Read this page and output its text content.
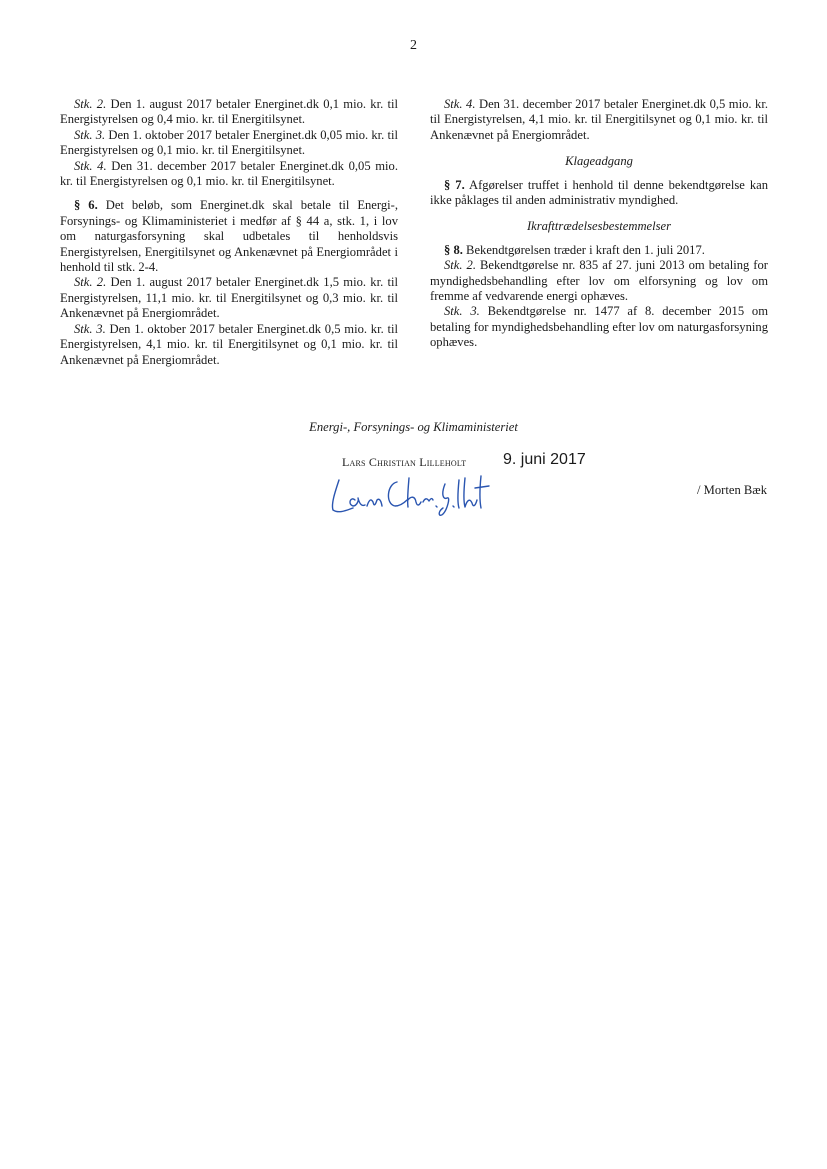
2

Stk. 2. Den 1. august 2017 betaler Energinet.dk 0,1 mio. kr. til Energistyrelsen og 0,4 mio. kr. til Energitilsynet.

Stk. 3. Den 1. oktober 2017 betaler Energinet.dk 0,05 mio. kr. til Energistyrelsen og 0,1 mio. kr. til Energitilsynet.

Stk. 4. Den 31. december 2017 betaler Energinet.dk 0,05 mio. kr. til Energistyrelsen og 0,1 mio. kr. til Energitilsynet.

§ 6. Det beløb, som Energinet.dk skal betale til Energi-, Forsynings- og Klimaministeriet i medfør af § 44 a, stk. 1, i lov om naturgasforsyning skal udbetales til henholdsvis Energistyrelsen, Energitilsynet og Ankenævnet på Energiområdet i henhold til stk. 2-4.

Stk. 2. Den 1. august 2017 betaler Energinet.dk 1,5 mio. kr. til Energistyrelsen, 11,1 mio. kr. til Energitilsynet og 0,3 mio. kr. til Ankenævnet på Energiområdet.

Stk. 3. Den 1. oktober 2017 betaler Energinet.dk 0,5 mio. kr. til Energistyrelsen, 4,1 mio. kr. til Energitilsynet og 0,1 mio. kr. til Ankenævnet på Energiområdet.

Stk. 4. Den 31. december 2017 betaler Energinet.dk 0,5 mio. kr. til Energistyrelsen, 4,1 mio. kr. til Energitilsynet og 0,1 mio. kr. til Ankenævnet på Energiområdet.

Klageadgang

§ 7. Afgørelser truffet i henhold til denne bekendtgørelse kan ikke påklages til anden administrativ myndighed.

Ikrafttrædelsesbestemmelser

§ 8. Bekendtgørelsen træder i kraft den 1. juli 2017.

Stk. 2. Bekendtgørelse nr. 835 af 27. juni 2013 om betaling for myndighedsbehandling efter lov om elforsyning og lov om fremme af vedvarende energi ophæves.

Stk. 3. Bekendtgørelse nr. 1477 af 8. december 2015 om betaling for myndighedsbehandling efter lov om naturgasforsyning ophæves.

Energi-, Forsynings- og Klimaministeriet
Lars Christian Lilleholt 9. juni 2017
/ Morten Bæk
